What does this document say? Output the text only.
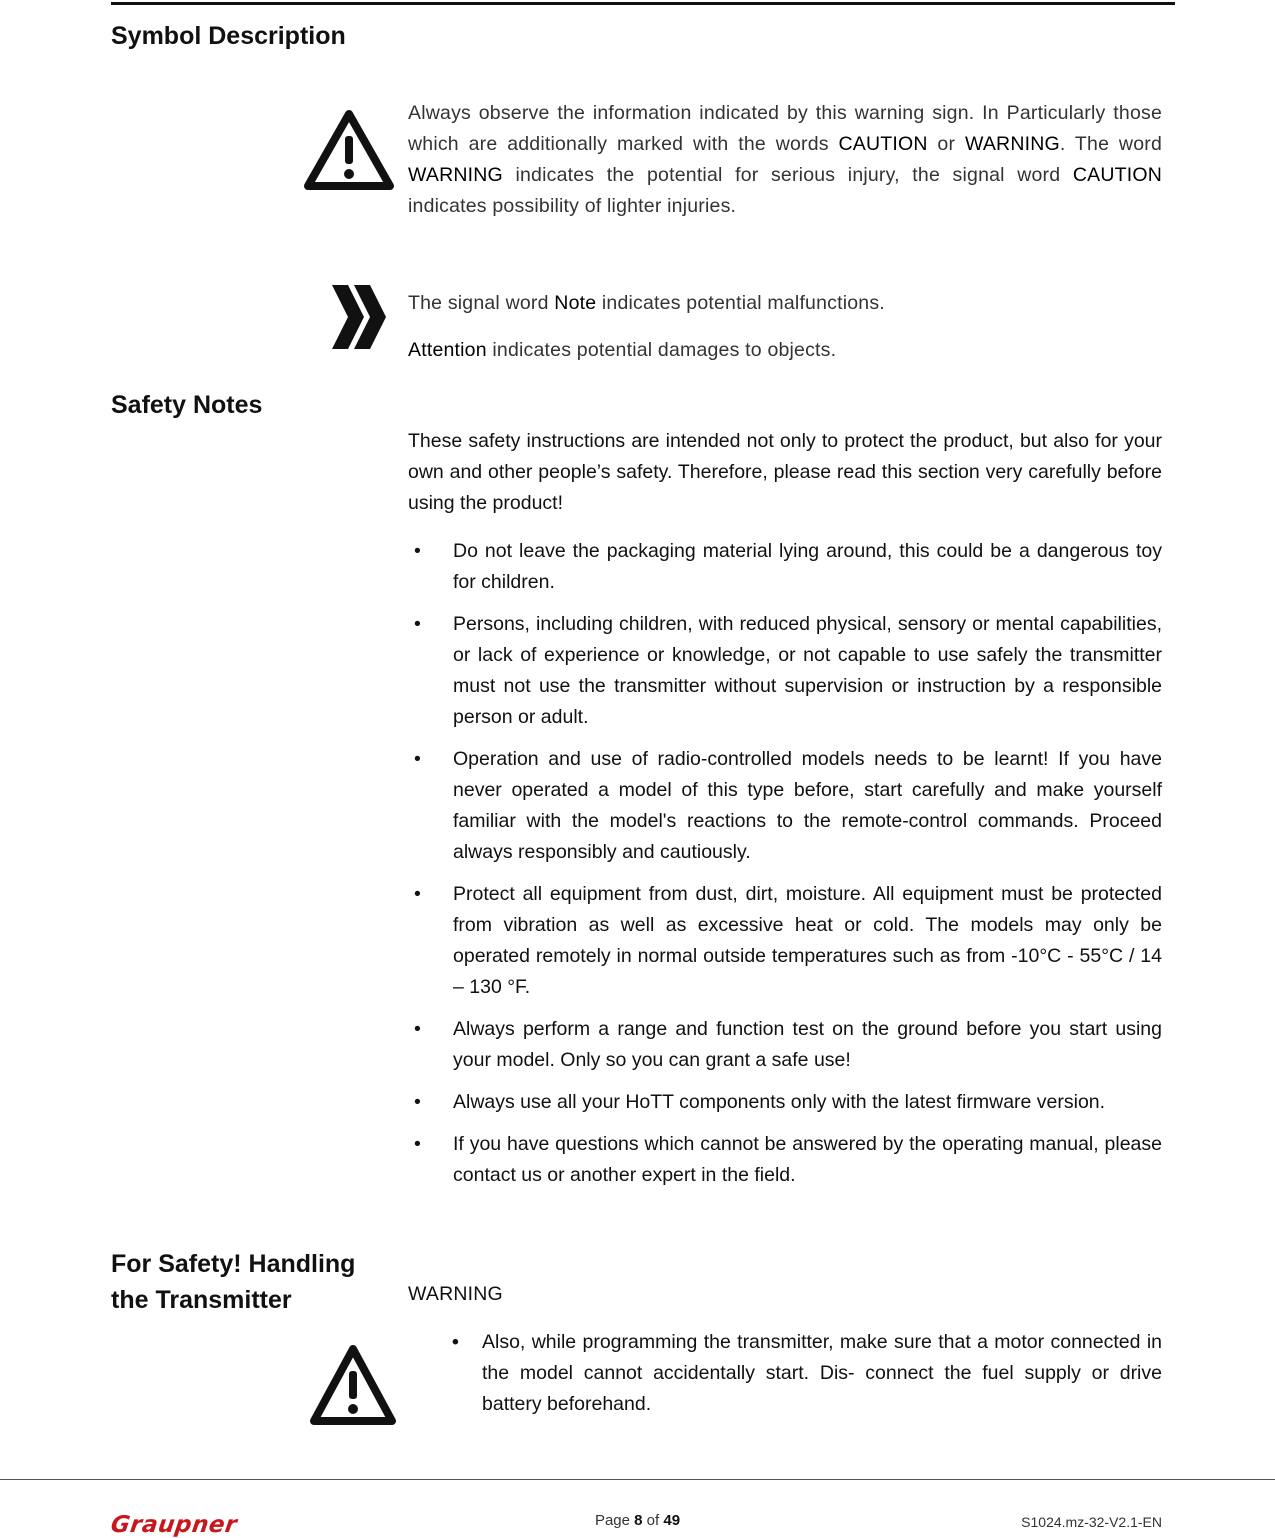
Symbol Description
Always observe the information indicated by this warning sign. In Particularly those which are additionally marked with the words CAUTION or WARNING. The word WARNING indicates the potential for serious injury, the signal word CAUTION indicates possibility of lighter injuries.
The signal word Note indicates potential malfunctions.
Attention indicates potential damages to objects.
Safety Notes
These safety instructions are intended not only to protect the product, but also for your own and other people’s safety. Therefore, please read this section very carefully before using the product!
• Do not leave the packaging material lying around, this could be a dangerous toy for children.
• Persons, including children, with reduced physical, sensory or mental capabilities, or lack of experience or knowledge, or not capable to use safely the transmitter must not use the transmitter without supervision or instruction by a responsible person or adult.
• Operation and use of radio-controlled models needs to be learnt! If you have never operated a model of this type before, start carefully and make yourself familiar with the model's reactions to the remote-control commands. Proceed always responsibly and cautiously.
• Protect all equipment from dust, dirt, moisture. All equipment must be protected from vibration as well as excessive heat or cold. The models may only be operated remotely in normal outside temperatures such as from -10°C - 55°C / 14 – 130 °F.
• Always perform a range and function test on the ground before you start using your model. Only so you can grant a safe use!
• Always use all your HoTT components only with the latest firmware version.
• If you have questions which cannot be answered by the operating manual, please contact us or another expert in the field.
For Safety! Handling
the Transmitter	WARNING
• Also, while programming the transmitter, make sure that a motor connected in the model cannot accidentally start. Dis- connect the fuel supply or drive battery beforehand.
Graupner	Page 8 of 49	S1024.mz-32-V2.1-EN
